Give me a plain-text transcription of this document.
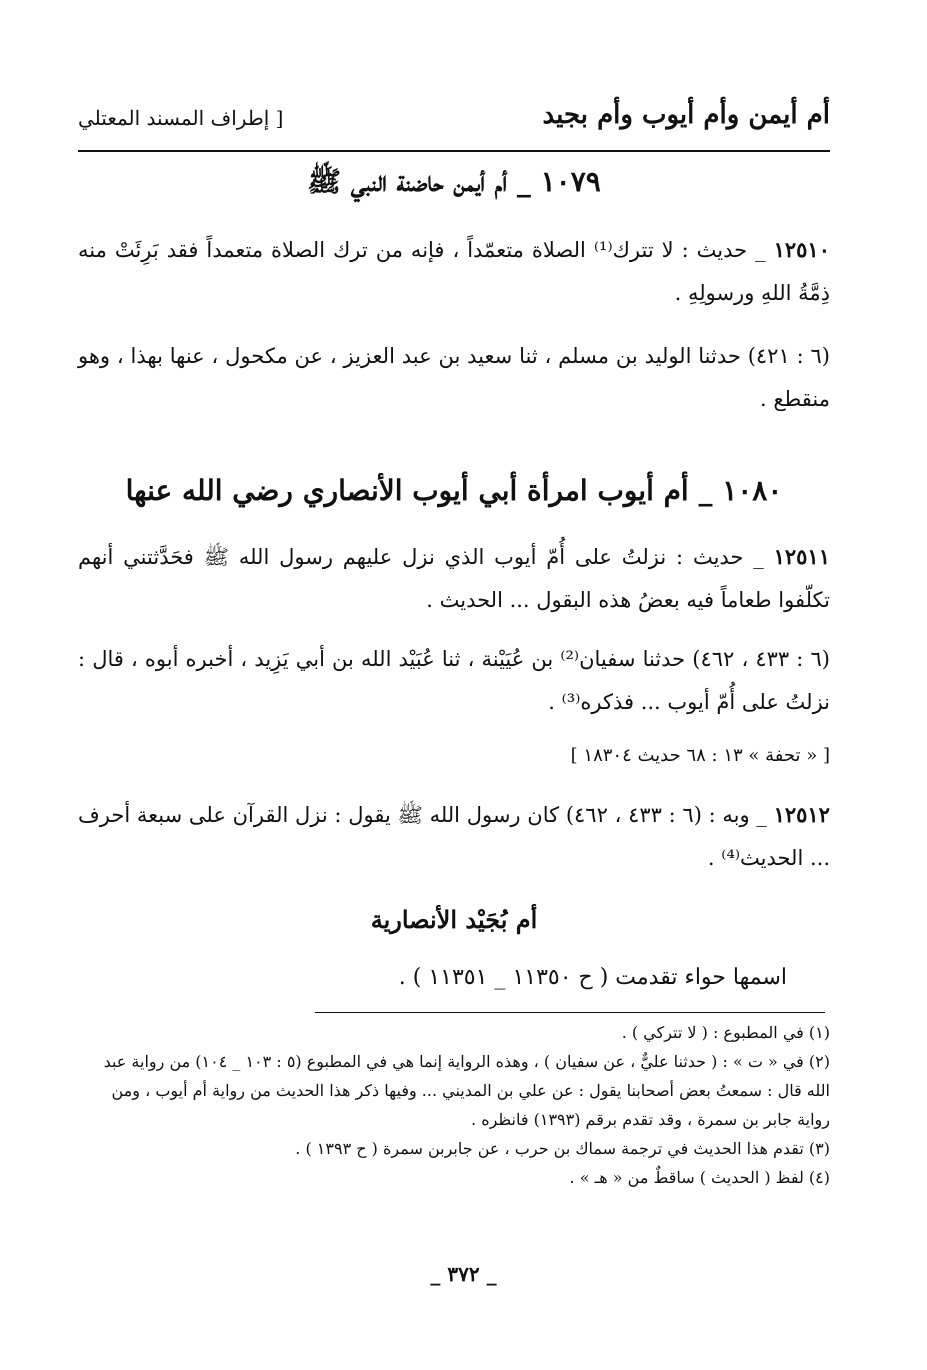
أم أيمن وأم أيوب وأم بجيد
[ إطراف المسند المعتلي
١٠٧٩ _ أم أيمن حاضنة النبي ﷺ
١٢٥١٠ _ حديث : لا تترك⁽¹⁾ الصلاة متعمّداً ، فإنه من ترك الصلاة متعمداً فقد بَرِئَتْ منه ذِمَّةُ اللهِ ورسولِهِ .
(٦ : ٤٢١) حدثنا الوليد بن مسلم ، ثنا سعيد بن عبد العزيز ، عن مكحول ، عنها بهذا ، وهو منقطع .
١٠٨٠ _ أم أيوب امرأة أبي أيوب الأنصاري رضي الله عنها
١٢٥١١ _ حديث : نزلتُ على أُمّ أيوب الذي نزل عليهم رسول الله ﷺ فحَدَّثتني أنهم تكلّفوا طعاماً فيه بعضُ هذه البقول ... الحديث .
(٦ : ٤٣٣ ، ٤٦٢) حدثنا سفيان⁽²⁾ بن عُيَيْنة ، ثنا عُبَيْد الله بن أبي يَزِيد ، أخبره أبوه ، قال : نزلتُ على أُمّ أيوب ... فذكره⁽³⁾ .
[ « تحفة » ١٣ : ٦٨ حديث ١٨٣٠٤ ]
١٢٥١٢ _ وبه : (٦ : ٤٣٣ ، ٤٦٢) كان رسول الله ﷺ يقول : نزل القرآن على سبعة أحرف ... الحديث⁽⁴⁾ .
أم بُجَيْد الأنصارية
اسمها حواء تقدمت ( ح ١١٣٥٠ _ ١١٣٥١ ) .

(١) في المطبوع : ( لا تتركي ) .

(٢) في « ت » : ( حدثنا عليٌّ ، عن سفيان ) ، وهذه الرواية إنما هي في المطبوع (٥ : ١٠٣ _ ١٠٤) من رواية عبد الله قال : سمعتُ بعض أصحابنا يقول : عن علي بن المديني ... وفيها ذكر هذا الحديث من رواية أم أيوب ، ومن رواية جابر بن سمرة ، وقد تقدم برقم (١٣٩٣) فانظره .

(٣) تقدم هذا الحديث في ترجمة سماك بن حرب ، عن جابربن سمرة ( ح ١٣٩٣ ) .

(٤) لفظ ( الحديث ) ساقطٌ من « هـ » .

_ ٣٧٢ _
